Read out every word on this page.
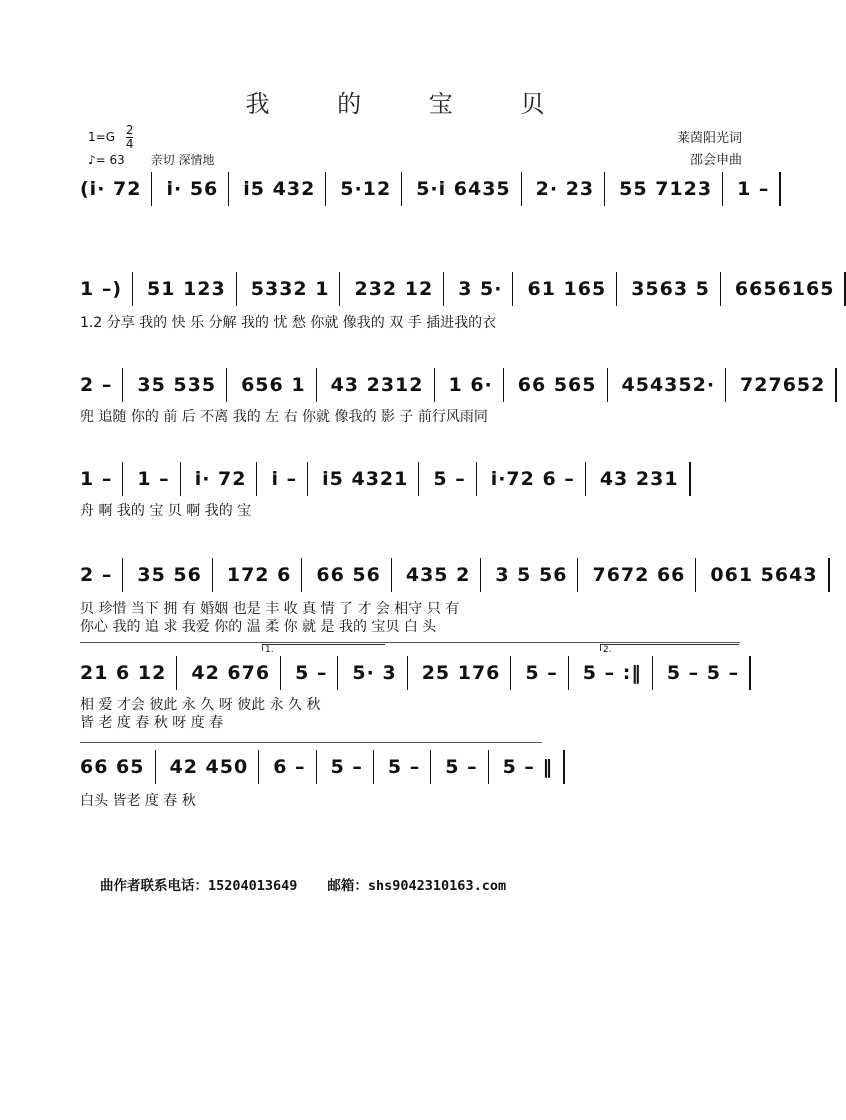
我 的 宝 贝
莱茵阳光词
邵会申曲
$1=G \frac{2}{4}$
♪= 63 亲切 深情地
(i· 72	i· 56	i5 432	5·12	5·i 6435	2· 23	55 7123	1 –
1 –)	51 123	5332 1	232 12	3 5·	61 165	3563 5	6656165
1.2 分享 我的 快 乐 分解 我的 忧 愁 你就 像我的 双 手 插进我的衣
2 –	35 535	656 1	43 2312	1 6·	66 565	454352·	727652
兜 追随 你的 前 后 不离 我的 左 右 你就 像我的 影 子 前行风雨同
1 –	1 –	i· 72	i –	i5 4321	5 –	i·72 6 –	43 231
舟 啊 我的 宝 贝 啊 我的 宝
2 –	35 56	172 6	66 56	435 2	3 5 56	7672 66	061 5643
贝 珍惜 当下 拥 有 婚姻 也是 丰 收 真 情 了 才 会 相守 只 有
你心 我的 追 求 我爱 你的 温 柔 你 就 是 我的 宝贝 白 头
1.	2.
21 6 12	42 676	5 –	5· 3	25 176	5 –	5 – :‖	5 – 5 –
相 爱 才会 彼此 永 久 呀 彼此 永 久 秋
皆 老 度 春 秋 呀 度 春
66 65	42 450	6 –	5 –	5 –	5 –	5 – ‖
白头 皆老 度 春 秋
曲作者联系电话：15204013649 邮箱：shs9042310163.com
